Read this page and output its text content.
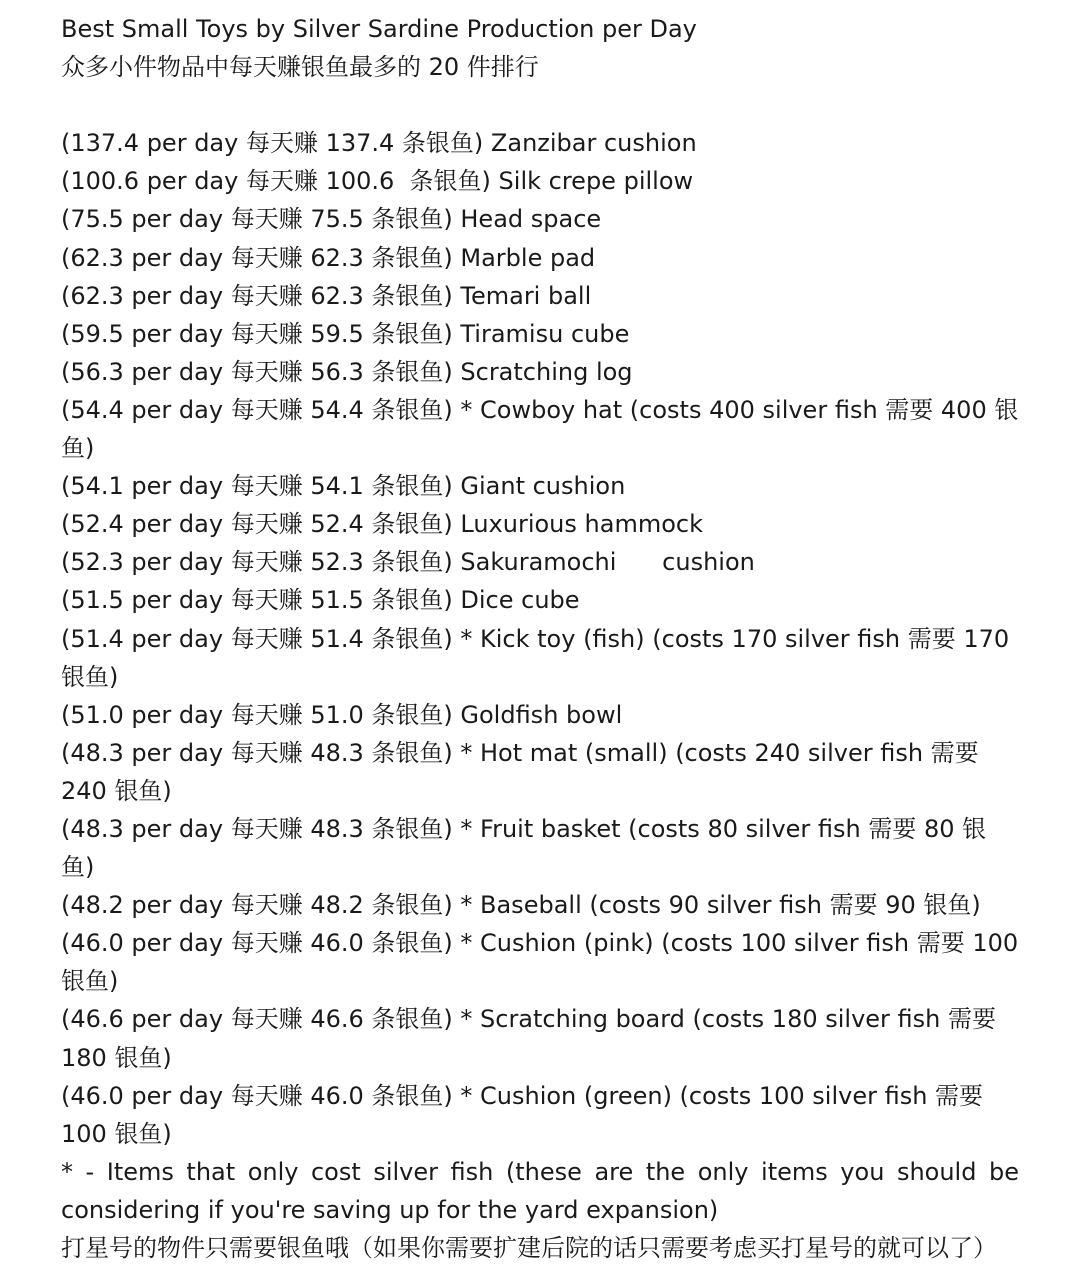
Best Small Toys by Silver Sardine Production per Day

众多小件物品中每天赚银鱼最多的 20 件排行

(137.4 per day 每天赚 137.4 条银鱼) Zanzibar cushion

(100.6 per day 每天赚 100.6  条银鱼) Silk crepe pillow

(75.5 per day 每天赚 75.5 条银鱼) Head space

(62.3 per day 每天赚 62.3 条银鱼) Marble pad

(62.3 per day 每天赚 62.3 条银鱼) Temari ball

(59.5 per day 每天赚 59.5 条银鱼) Tiramisu cube

(56.3 per day 每天赚 56.3 条银鱼) Scratching log

(54.4 per day 每天赚 54.4 条银鱼) * Cowboy hat (costs 400 silver fish 需要 400 银鱼)

(54.1 per day 每天赚 54.1 条银鱼) Giant cushion

(52.4 per day 每天赚 52.4 条银鱼) Luxurious hammock

(52.3 per day 每天赚 52.3 条银鱼) Sakuramochi      cushion

(51.5 per day 每天赚 51.5 条银鱼) Dice cube

(51.4 per day 每天赚 51.4 条银鱼) * Kick toy (fish) (costs 170 silver fish 需要 170 银鱼)

(51.0 per day 每天赚 51.0 条银鱼) Goldfish bowl

(48.3 per day 每天赚 48.3 条银鱼) * Hot mat (small) (costs 240 silver fish 需要 240 银鱼)

(48.3 per day 每天赚 48.3 条银鱼) * Fruit basket (costs 80 silver fish 需要 80 银鱼)

(48.2 per day 每天赚 48.2 条银鱼) * Baseball (costs 90 silver fish 需要 90 银鱼)

(46.0 per day 每天赚 46.0 条银鱼) * Cushion (pink) (costs 100 silver fish 需要 100 银鱼)

(46.6 per day 每天赚 46.6 条银鱼) * Scratching board (costs 180 silver fish 需要 180 银鱼)

(46.0 per day 每天赚 46.0 条银鱼) * Cushion (green) (costs 100 silver fish 需要 100 银鱼)

* - Items that only cost silver fish (these are the only items you should be considering if you're saving up for the yard expansion)

打星号的物件只需要银鱼哦（如果你需要扩建后院的话只需要考虑买打星号的就可以了）
